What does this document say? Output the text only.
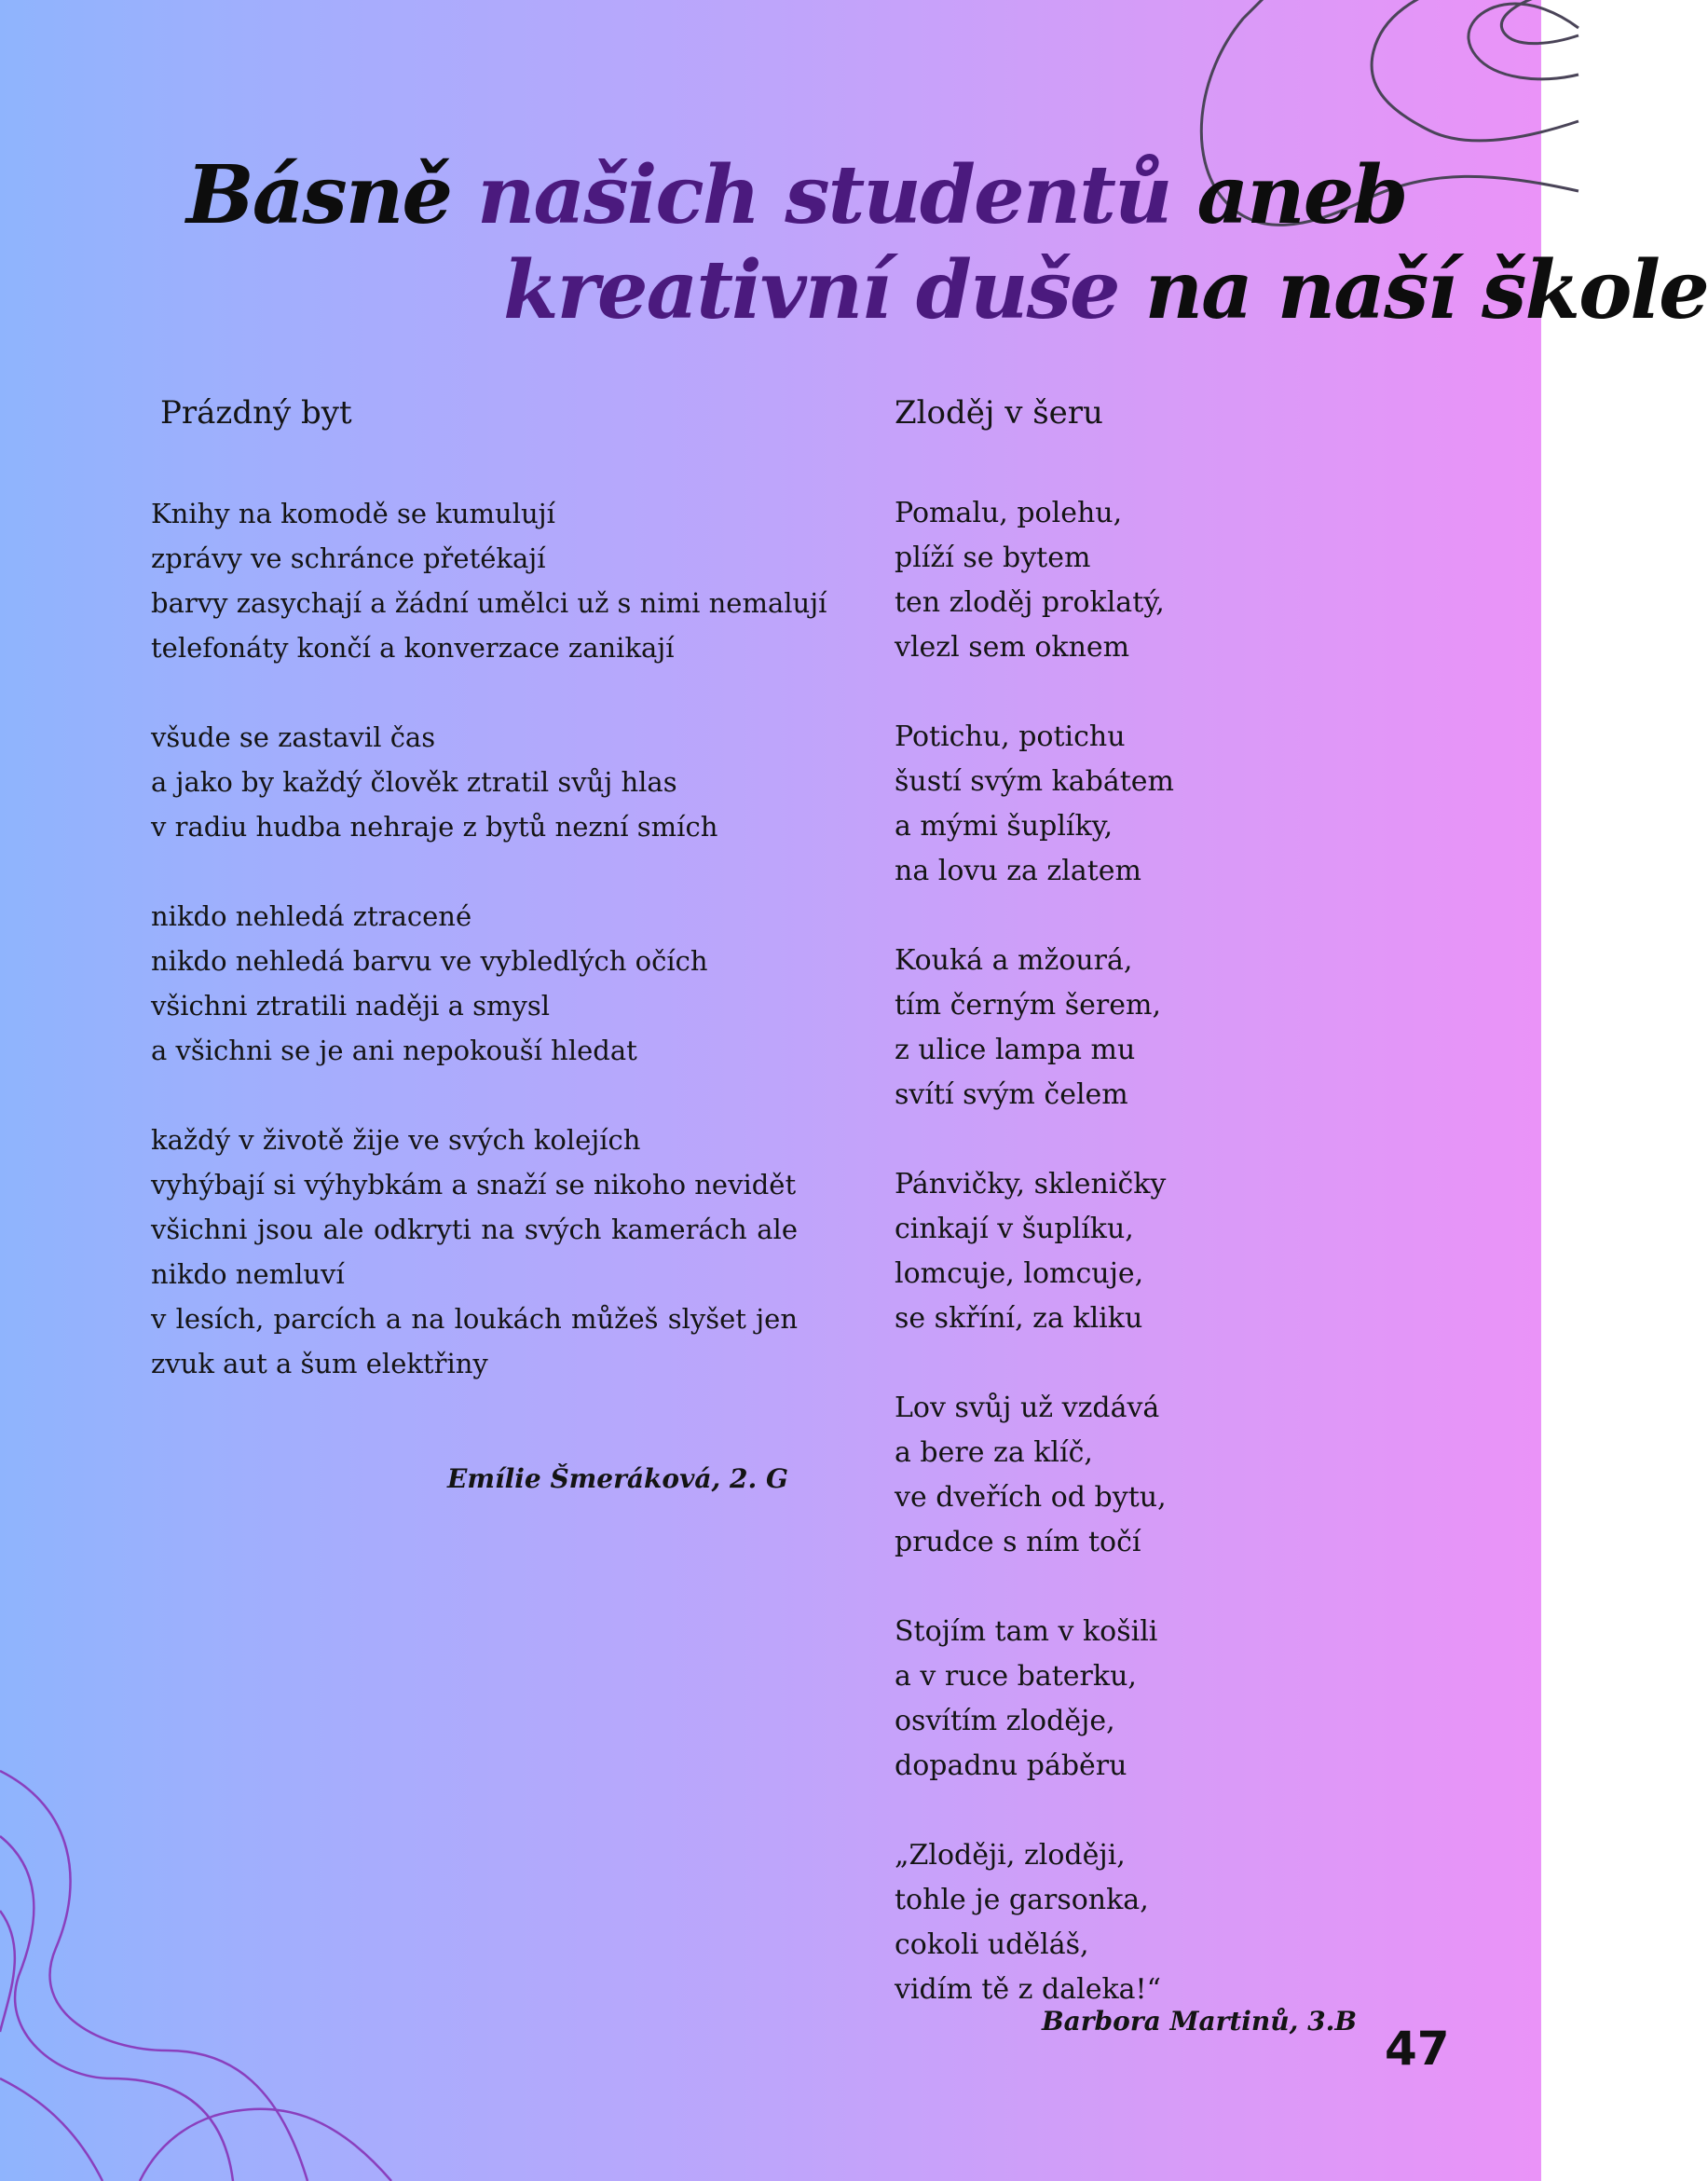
Básně našich studentů aneb
kreativní duše na naší škole
Prázdný byt
Knihy na komodě se kumulují
zprávy ve schránce přetékají
barvy zasychají a žádní umělci už s nimi nemalují
telefonáty končí a konverzace zanikají
všude se zastavil čas
a jako by každý člověk ztratil svůj hlas
v radiu hudba nehraje z bytů nezní smích
nikdo nehledá ztracené
nikdo nehledá barvu ve vybledlých očích
všichni ztratili naději a smysl
a všichni se je ani nepokouší hledat
každý v životě žije ve svých kolejích
vyhýbají si výhybkám a snaží se nikoho nevidět
všichni jsou ale odkryti na svých kamerách ale
nikdo nemluví
v lesích, parcích a na loukách můžeš slyšet jen
zvuk aut a šum elektřiny
Emílie Šmeráková, 2. G
Zloděj v šeru
Pomalu, polehu,
plíží se bytem
ten zloděj proklatý,
vlezl sem oknem
Potichu, potichu
šustí svým kabátem
a mými šuplíky,
na lovu za zlatem
Kouká a mžourá,
tím černým šerem,
z ulice lampa mu
svítí svým čelem
Pánvičky, skleničky
cinkají v šuplíku,
lomcuje, lomcuje,
se skříní, za kliku
Lov svůj už vzdává
a bere za klíč,
ve dveřích od bytu,
prudce s ním točí
Stojím tam v košili
a v ruce baterku,
osvítím zloděje,
dopadnu páběru
„Zloději, zloději,
tohle je garsonka,
cokoli uděláš,
vidím tě z daleka!“
Barbora Martinů, 3.B
47
